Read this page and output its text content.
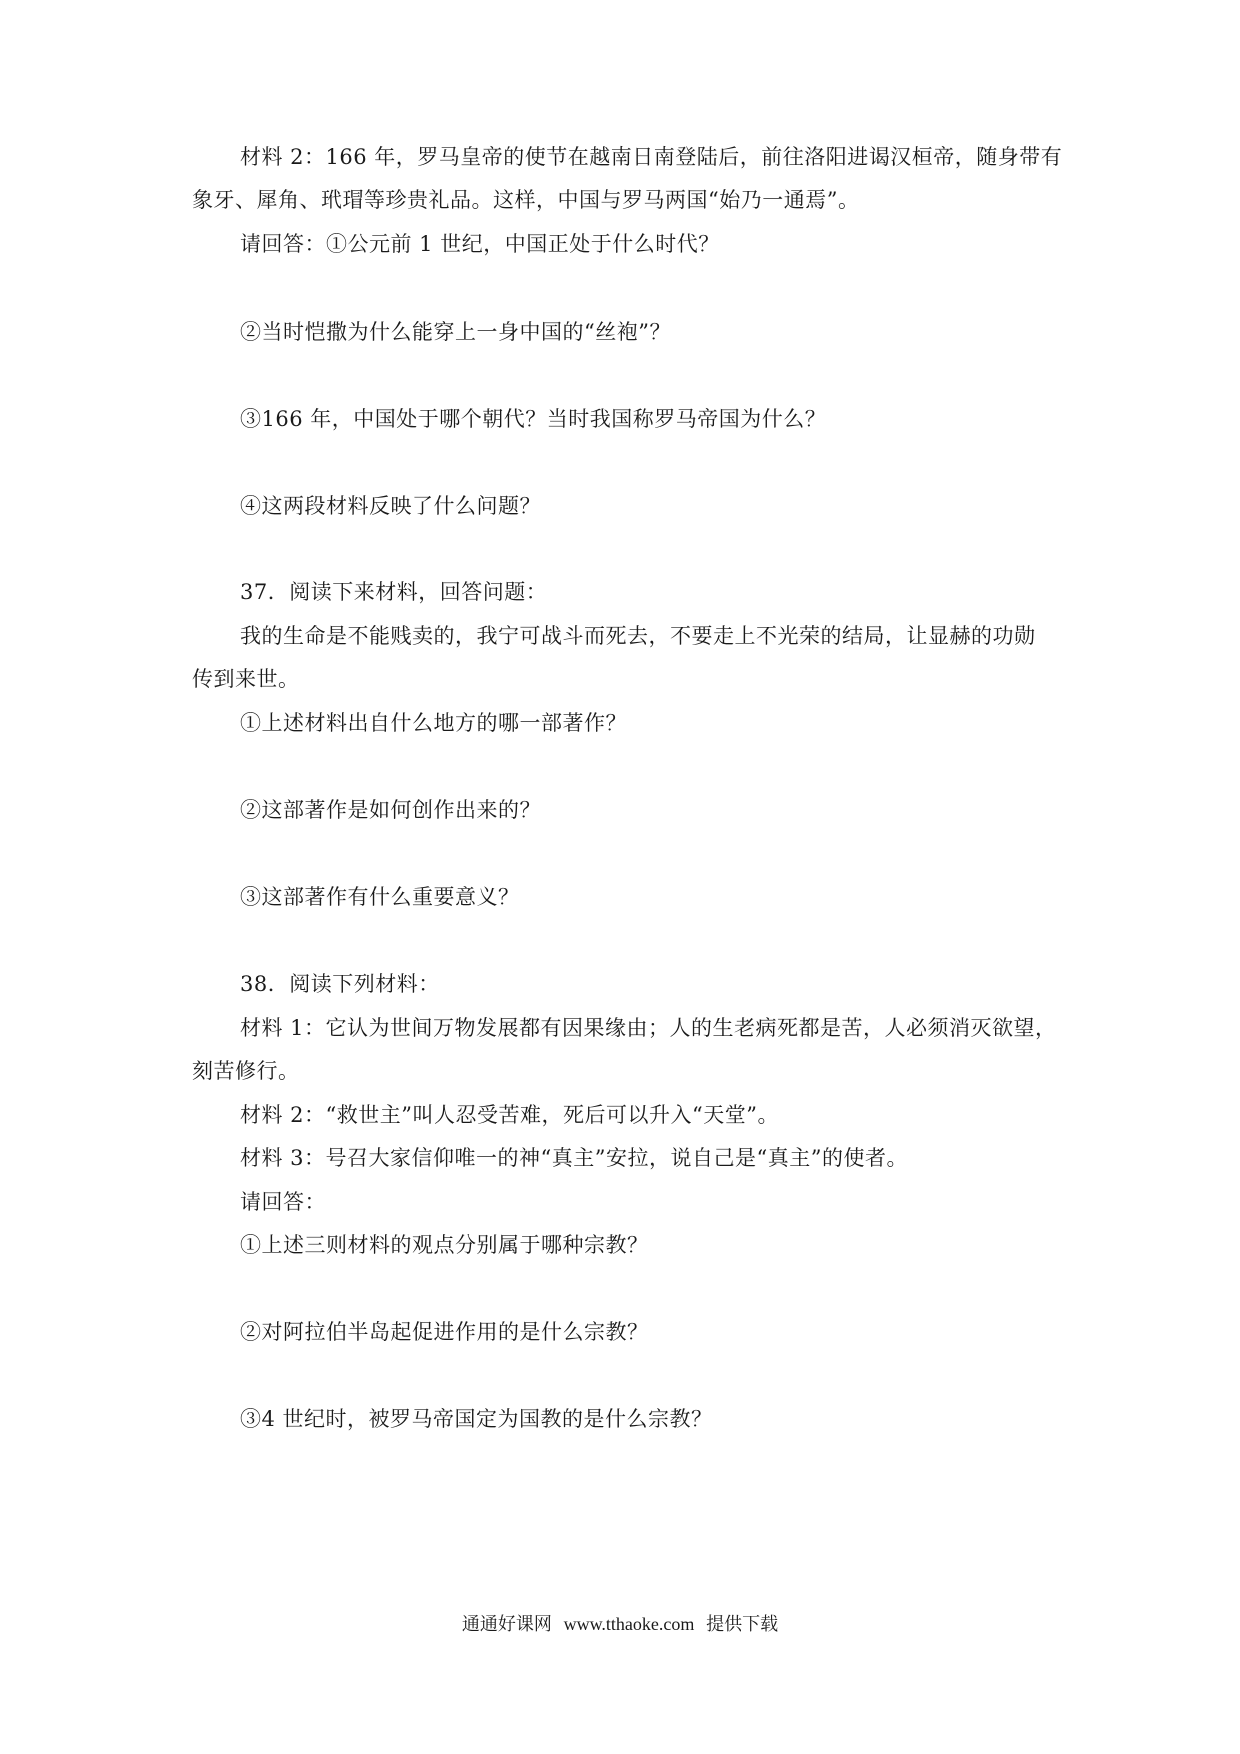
材料 2：166 年，罗马皇帝的使节在越南日南登陆后，前往洛阳进谒汉桓帝，随身带有
象牙、犀角、玳瑁等珍贵礼品。这样，中国与罗马两国“始乃一通焉”。
请回答：①公元前 1 世纪，中国正处于什么时代？
②当时恺撒为什么能穿上一身中国的“丝袍”？
③166 年，中国处于哪个朝代？当时我国称罗马帝国为什么？
④这两段材料反映了什么问题？
37．阅读下来材料，回答问题：
我的生命是不能贱卖的，我宁可战斗而死去，不要走上不光荣的结局，让显赫的功勋
传到来世。
①上述材料出自什么地方的哪一部著作？
②这部著作是如何创作出来的？
③这部著作有什么重要意义？
38．阅读下列材料：
材料 1：它认为世间万物发展都有因果缘由；人的生老病死都是苦，人必须消灭欲望，
刻苦修行。
材料 2：“救世主”叫人忍受苦难，死后可以升入“天堂”。
材料 3：号召大家信仰唯一的神“真主”安拉，说自己是“真主”的使者。
请回答：
①上述三则材料的观点分别属于哪种宗教？
②对阿拉伯半岛起促进作用的是什么宗教？
③4 世纪时，被罗马帝国定为国教的是什么宗教？
通通好课网 www.tthaoke.com 提供下载
